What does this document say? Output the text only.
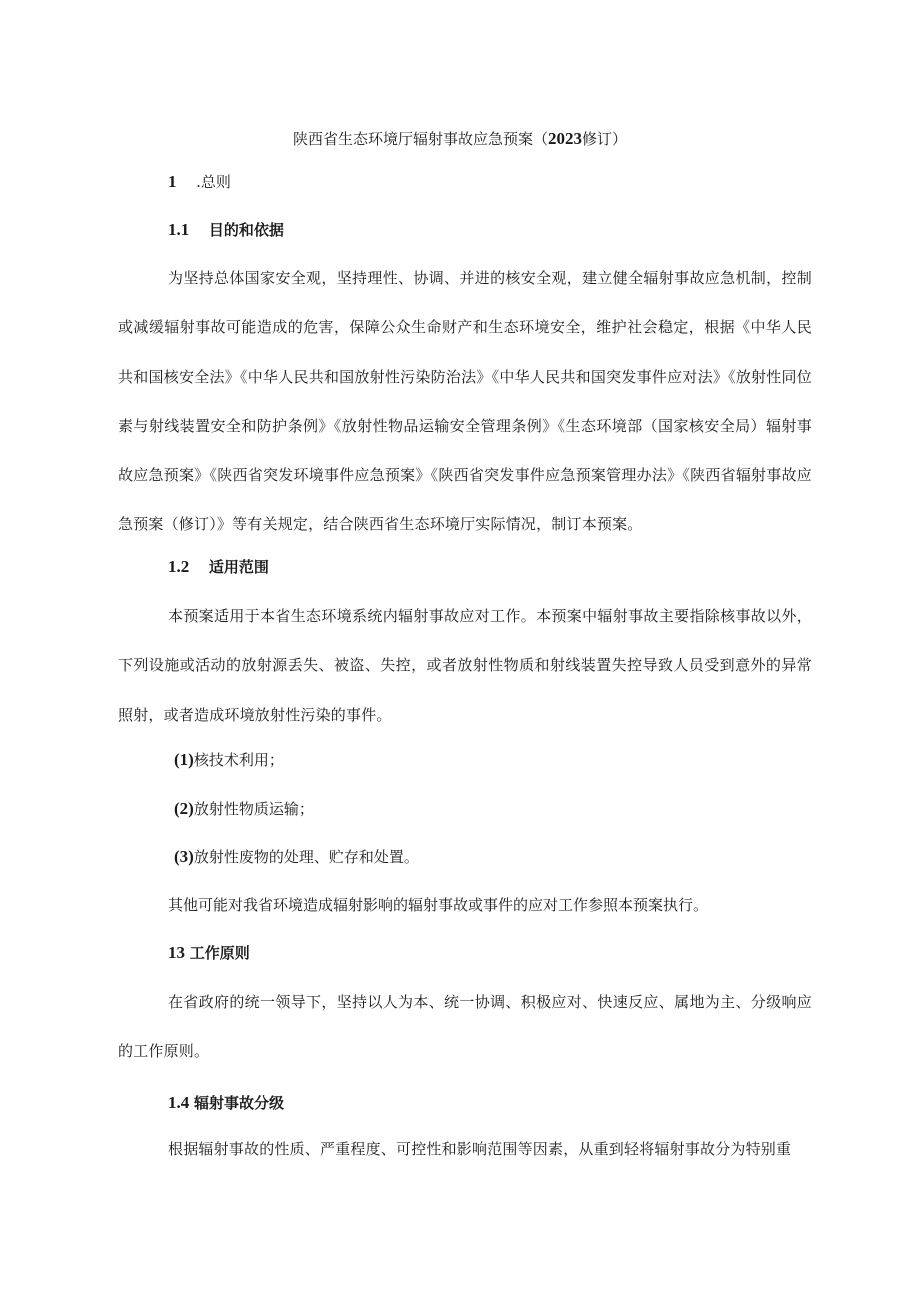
陕西省生态环境厅辐射事故应急预案（2023修订）
1 .总则
1.1 目的和依据
为坚持总体国家安全观，坚持理性、协调、并进的核安全观，建立健全辐射事故应急机制，控制或减缓辐射事故可能造成的危害，保障公众生命财产和生态环境安全，维护社会稳定，根据《中华人民共和国核安全法》《中华人民共和国放射性污染防治法》《中华人民共和国突发事件应对法》《放射性同位素与射线装置安全和防护条例》《放射性物品运输安全管理条例》《生态环境部（国家核安全局）辐射事故应急预案》《陕西省突发环境事件应急预案》《陕西省突发事件应急预案管理办法》《陕西省辐射事故应急预案（修订）》等有关规定，结合陕西省生态环境厅实际情况，制订本预案。
1.2 适用范围
本预案适用于本省生态环境系统内辐射事故应对工作。本预案中辐射事故主要指除核事故以外，下列设施或活动的放射源丢失、被盗、失控，或者放射性物质和射线装置失控导致人员受到意外的异常照射，或者造成环境放射性污染的事件。
(1)核技术利用；
(2)放射性物质运输；
(3)放射性废物的处理、贮存和处置。
其他可能对我省环境造成辐射影响的辐射事故或事件的应对工作参照本预案执行。
13 工作原则
在省政府的统一领导下，坚持以人为本、统一协调、积极应对、快速反应、属地为主、分级响应的工作原则。
1.4 辐射事故分级
根据辐射事故的性质、严重程度、可控性和影响范围等因素，从重到轻将辐射事故分为特别重
